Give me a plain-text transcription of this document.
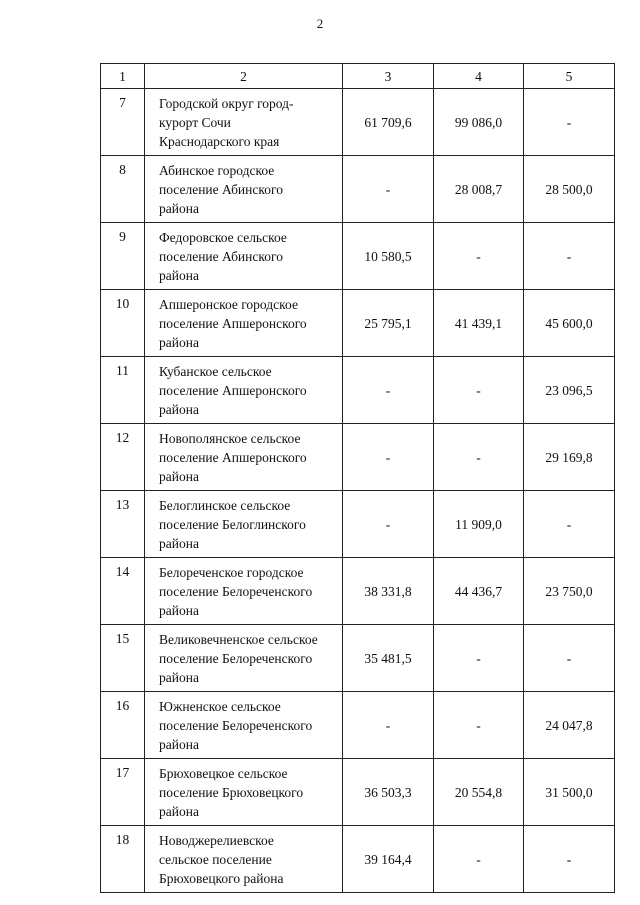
2
1	2	3	4	5
7	Городской округ город-
курорт Сочи
Краснодарского края	61 709,6	99 086,0	-
8	Абинское городское
поселение Абинского
района	-	28 008,7	28 500,0
9	Федоровское сельское
поселение Абинского
района	10 580,5	-	-
10	Апшеронское городское
поселение Апшеронского
района	25 795,1	41 439,1	45 600,0
11	Кубанское сельское
поселение Апшеронского
района	-	-	23 096,5
12	Новополянское сельское
поселение Апшеронского
района	-	-	29 169,8
13	Белоглинское сельское
поселение Белоглинского
района	-	11 909,0	-
14	Белореченское городское
поселение Белореченского
района	38 331,8	44 436,7	23 750,0
15	Великовечненское сельское
поселение Белореченского
района	35 481,5	-	-
16	Южненское сельское
поселение Белореченского
района	-	-	24 047,8
17	Брюховецкое сельское
поселение Брюховецкого
района	36 503,3	20 554,8	31 500,0
18	Новоджерелиевское
сельское поселение
Брюховецкого района	39 164,4	-	-
